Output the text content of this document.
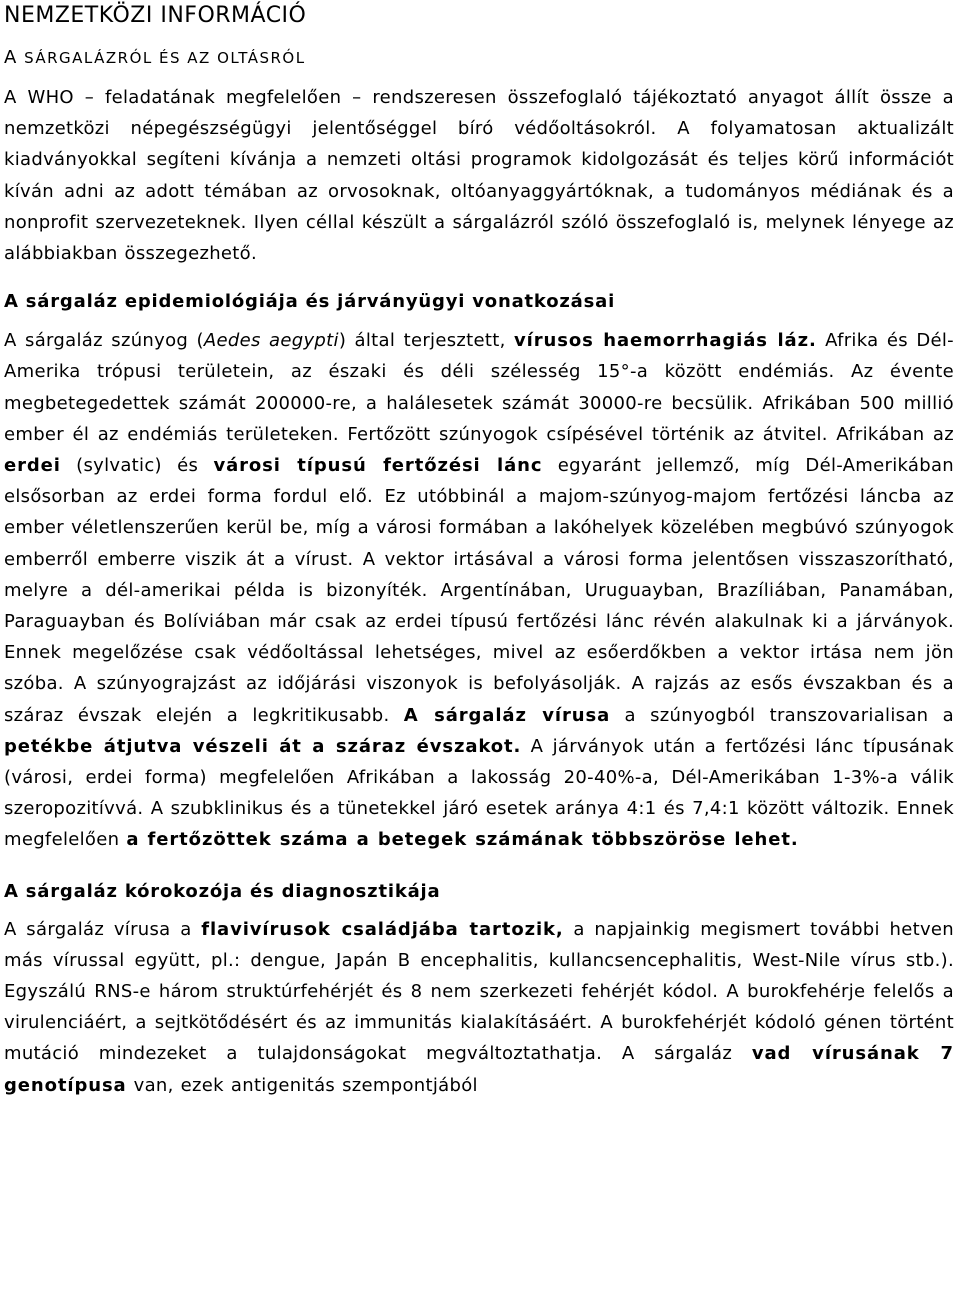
NEMZETKÖZI INFORMÁCIÓ
A SÁRGALÁZRÓL ÉS AZ OLTÁSRÓL

A WHO – feladatának megfelelően – rendszeresen összefoglaló tájékoztató anyagot állít össze a nemzetközi népegészségügyi jelentőséggel bíró védőoltásokról. A folyamatosan aktualizált kiadványokkal segíteni kívánja a nemzeti oltási programok kidolgozását és teljes körű információt kíván adni az adott témában az orvosoknak, oltóanyaggyártóknak, a tudományos médiának és a nonprofit szervezeteknek. Ilyen céllal készült a sárgalázról szóló összefoglaló is, melynek lényege az alábbiakban összegezhető.

A sárgaláz epidemiológiája és járványügyi vonatkozásai

A sárgaláz szúnyog (Aedes aegypti) által terjesztett, vírusos haemorrhagiás láz. Afrika és Dél-Amerika trópusi területein, az északi és déli szélesség 15°-a között endémiás. Az évente megbetegedettek számát 200000-re, a halálesetek számát 30000-re becsülik. Afrikában 500 millió ember él az endémiás területeken. Fertőzött szúnyogok csípésével történik az átvitel. Afrikában az erdei (sylvatic) és városi típusú fertőzési lánc egyaránt jellemző, míg Dél-Amerikában elsősorban az erdei forma fordul elő. Ez utóbbinál a majom-szúnyog-majom fertőzési láncba az ember véletlenszerűen kerül be, míg a városi formában a lakóhelyek közelében megbúvó szúnyogok emberről emberre viszik át a vírust. A vektor irtásával a városi forma jelentősen visszaszorítható, melyre a dél-amerikai példa is bizonyíték. Argentínában, Uruguayban, Brazíliában, Panamában, Paraguayban és Bolíviában már csak az erdei típusú fertőzési lánc révén alakulnak ki a járványok. Ennek megelőzése csak védőoltással lehetséges, mivel az esőerdőkben a vektor irtása nem jön szóba. A szúnyograjzást az időjárási viszonyok is befolyásolják. A rajzás az esős évszakban és a száraz évszak elején a legkritikusabb. A sárgaláz vírusa a szúnyogból transzovarialisan a petékbe átjutva vészeli át a száraz évszakot. A járványok után a fertőzési lánc típusának (városi, erdei forma) megfelelően Afrikában a lakosság 20-40%-a, Dél-Amerikában 1-3%-a válik szeropozitívvá. A szubklinikus és a tünetekkel járó esetek aránya 4:1 és 7,4:1 között változik. Ennek megfelelően a fertőzöttek száma a betegek számának többszöröse lehet.

A sárgaláz kórokozója és diagnosztikája

A sárgaláz vírusa a flavivírusok családjába tartozik, a napjainkig megismert további hetven más vírussal együtt, pl.: dengue, Japán B encephalitis, kullancsencephalitis, West-Nile vírus stb.). Egyszálú RNS-e három struktúrfehérjét és 8 nem szerkezeti fehérjét kódol. A burokfehérje felelős a virulenciáért, a sejtkötődésért és az immunitás kialakításáért. A burokfehérjét kódoló génen történt mutáció mindezeket a tulajdonságokat megváltoztathatja. A sárgaláz vad vírusának 7 genotípusa van, ezek antigenitás szempontjából
